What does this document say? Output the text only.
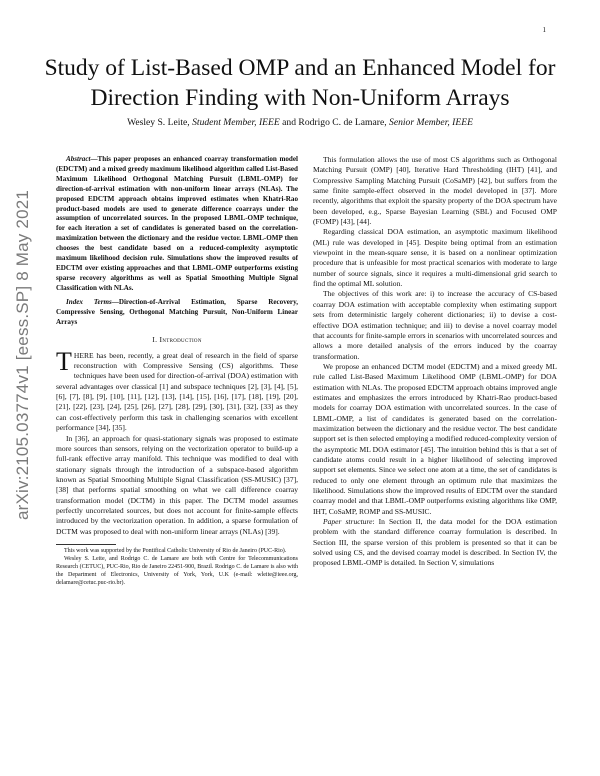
1
arXiv:2105.03774v1 [eess.SP] 8 May 2021
Study of List-Based OMP and an Enhanced Model for Direction Finding with Non-Uniform Arrays
Wesley S. Leite, Student Member, IEEE and Rodrigo C. de Lamare, Senior Member, IEEE

Abstract—This paper proposes an enhanced coarray transformation model (EDCTM) and a mixed greedy maximum likelihood algorithm called List-Based Maximum Likelihood Orthogonal Matching Pursuit (LBML-OMP) for direction-of-arrival estimation with non-uniform linear arrays (NLAs). The proposed EDCTM approach obtains improved estimates when Khatri-Rao product-based models are used to generate difference coarrays under the assumption of uncorrelated sources. In the proposed LBML-OMP technique, for each iteration a set of candidates is generated based on the correlation-maximization between the dictionary and the residue vector. LBML-OMP then chooses the best candidate based on a reduced-complexity asymptotic maximum likelihood decision rule. Simulations show the improved results of EDCTM over existing approaches and that LBML-OMP outperforms existing sparse recovery algorithms as well as Spatial Smoothing Multiple Signal Classification with NLAs.

Index Terms—Direction-of-Arrival Estimation, Sparse Recovery, Compressive Sensing, Orthogonal Matching Pursuit, Non-Uniform Linear Arrays

I. Introduction

THERE has been, recently, a great deal of research in the field of sparse reconstruction with Compressive Sensing (CS) algorithms. These techniques have been used for direction-of-arrival (DOA) estimation with several advantages over classical [1] and subspace techniques [2], [3], [4], [5], [6], [7], [8], [9], [10], [11], [12], [13], [14], [15], [16], [17], [18], [19], [20], [21], [22], [23], [24], [25], [26], [27], [28], [29], [30], [31], [32], [33] as they can cost-effectively perform this task in challenging scenarios with excellent performance [34], [35].

In [36], an approach for quasi-stationary signals was proposed to estimate more sources than sensors, relying on the vectorization operator to build-up a full-rank effective array manifold. This technique was modified to deal with stationary signals through the introduction of a subspace-based algorithm known as Spatial Smoothing Multiple Signal Classification (SS-MUSIC) [37], [38] that performs spatial smoothing on what we call difference coarray transformation model (DCTM) in this paper. The DCTM model assumes perfectly uncorrelated sources, but does not account for finite-sample effects introduced by the vectorization operation. In addition, a sparse formulation of DCTM was proposed to deal with non-uniform linear arrays (NLAs) [39].

This work was supported by the Pontifical Catholic University of Rio de Janeiro (PUC-Rio).

Wesley S. Leite, and Rodrigo C. de Lamare are both with Centre for Telecommunications Research (CETUC), PUC-Rio, Rio de Janeiro 22451-900, Brazil. Rodrigo C. de Lamare is also with the Department of Electronics, University of York, York, U.K (e-mail: wleite@ieee.org, delamare@cetuc.puc-rio.br).

This formulation allows the use of most CS algorithms such as Orthogonal Matching Pursuit (OMP) [40], Iterative Hard Thresholding (IHT) [41], and Compressive Sampling Matching Pursuit (CoSaMP) [42], but suffers from the same finite sample-effect observed in the model developed in [37]. More recently, algorithms that exploit the sparsity property of the DOA spectrum have been developed, e.g., Sparse Bayesian Learning (SBL) and Focused OMP (FOMP) [43], [44].

Regarding classical DOA estimation, an asymptotic maximum likelihood (ML) rule was developed in [45]. Despite being optimal from an estimation viewpoint in the mean-square sense, it is based on a nonlinear optimization procedure that is unfeasible for most practical scenarios with moderate to large number of source signals, since it requires a multi-dimensional grid search to find the optimal ML solution.

The objectives of this work are: i) to increase the accuracy of CS-based coarray DOA estimation with acceptable complexity when estimating support sets from deterministic largely coherent dictionaries; ii) to devise a cost-effective DOA estimation technique; and iii) to devise a novel coarray model that accounts for finite-sample errors in scenarios with uncorrelated sources and allows a more detailed analysis of the errors induced by the coarray transformation.

We propose an enhanced DCTM model (EDCTM) and a mixed greedy ML rule called List-Based Maximum Likelihood OMP (LBML-OMP) for DOA estimation with NLAs. The proposed EDCTM approach obtains improved angle estimates and emphasizes the errors introduced by Khatri-Rao product-based models for coarray DOA estimation with uncorrelated sources. In the case of LBML-OMP, a list of candidates is generated based on the correlation-maximization between the dictionary and the residue vector. The best candidate support set is then selected employing a modified reduced-complexity version of the asymptotic ML DOA estimator [45]. The intuition behind this is that a set of candidate atoms could result in a higher likelihood of selecting improved support set elements. Since we select one atom at a time, the set of candidates is reduced to only one element through an optimum rule that maximizes the likelihood. Simulations show the improved results of EDCTM over the standard coarray model and that LBML-OMP outperforms existing algorithms like OMP, IHT, CoSaMP, ROMP and SS-MUSIC.

Paper structure: In Section II, the data model for the DOA estimation problem with the standard difference coarray formulation is described. In Section III, the sparse version of this problem is presented so that it can be solved using CS, and the devised coarray model is described. In Section IV, the proposed LBML-OMP is detailed. In Section V, simulations
